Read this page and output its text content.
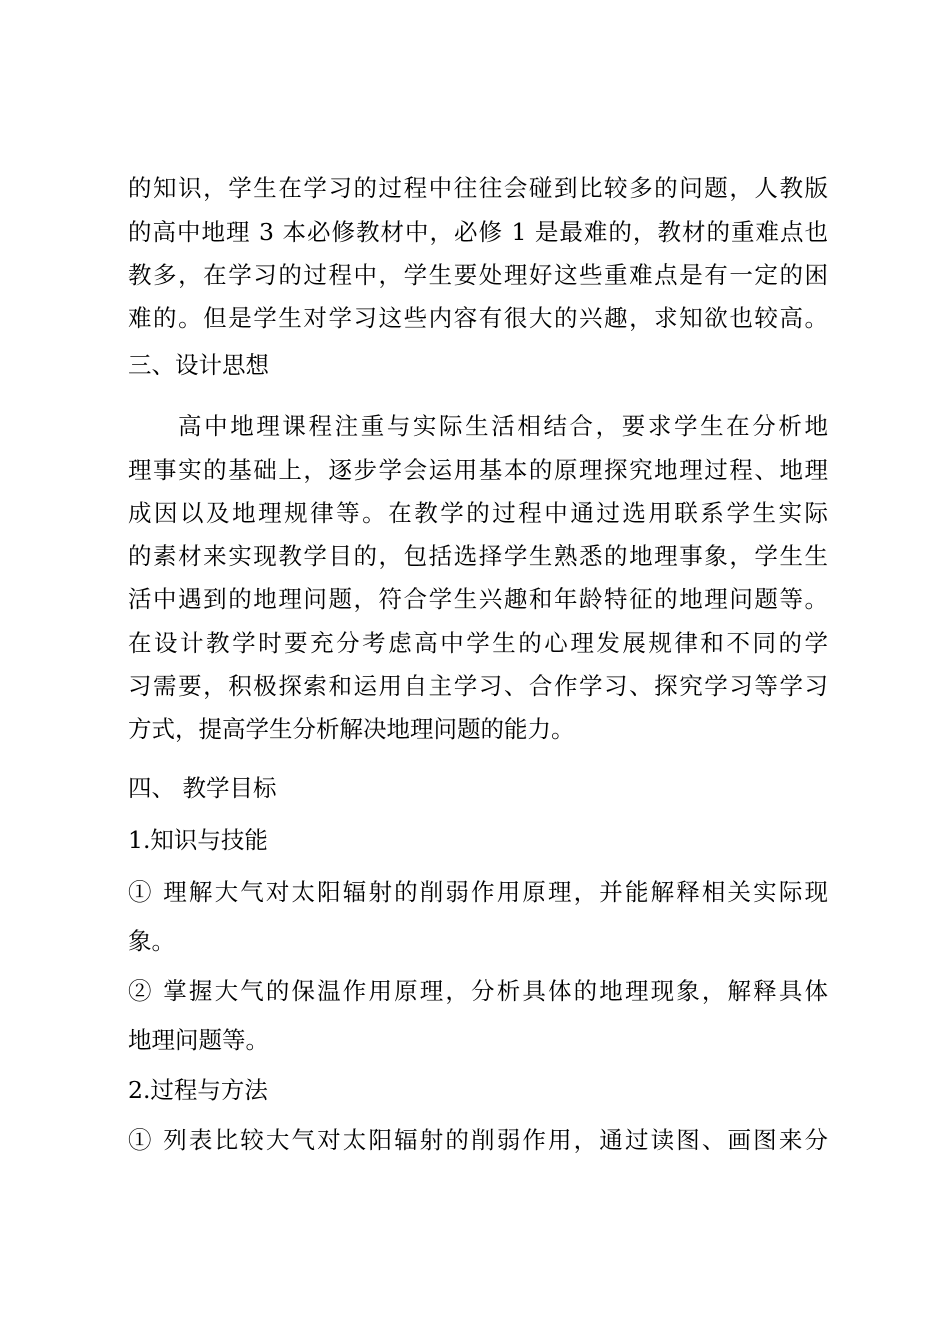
的知识，学生在学习的过程中往往会碰到比较多的问题，人教版
的高中地理 3 本必修教材中，必修 1 是最难的，教材的重难点也
教多，在学习的过程中，学生要处理好这些重难点是有一定的困
难的。但是学生对学习这些内容有很大的兴趣，求知欲也较高。
三、设计思想
高中地理课程注重与实际生活相结合，要求学生在分析地
理事实的基础上，逐步学会运用基本的原理探究地理过程、地理
成因以及地理规律等。在教学的过程中通过选用联系学生实际
的素材来实现教学目的，包括选择学生熟悉的地理事象，学生生
活中遇到的地理问题，符合学生兴趣和年龄特征的地理问题等。
在设计教学时要充分考虑高中学生的心理发展规律和不同的学
习需要，积极探索和运用自主学习、合作学习、探究学习等学习
方式，提高学生分析解决地理问题的能力。
四、 教学目标
1.知识与技能
① 理解大气对太阳辐射的削弱作用原理，并能解释相关实际现
象。
② 掌握大气的保温作用原理，分析具体的地理现象，解释具体
地理问题等。
2.过程与方法
① 列表比较大气对太阳辐射的削弱作用，通过读图、画图来分
